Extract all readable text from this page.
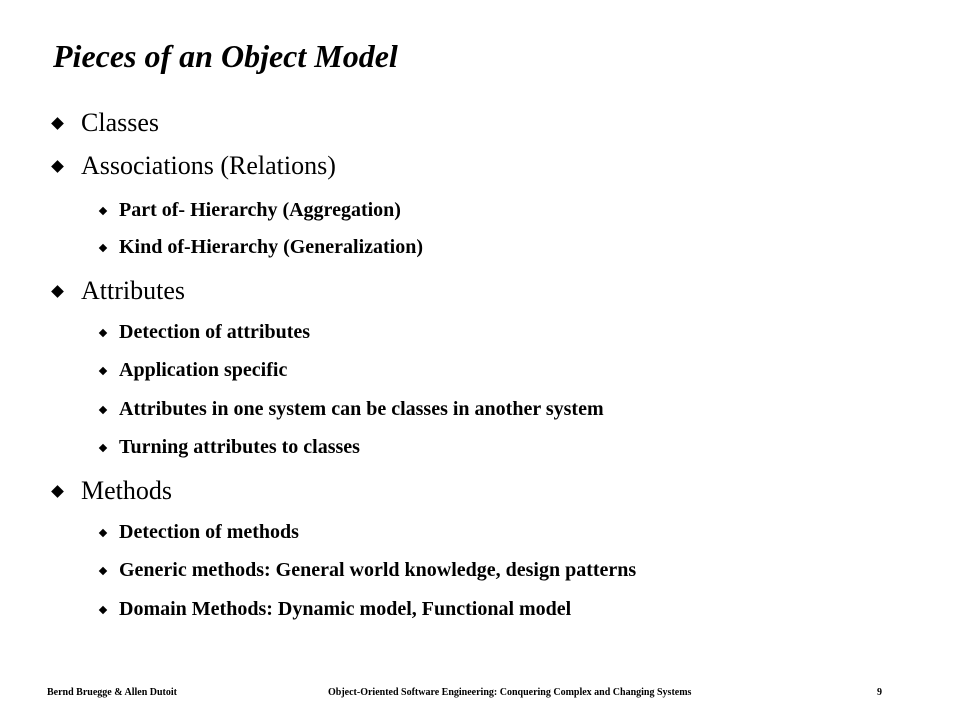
Pieces of an Object Model
Classes
Associations (Relations)
Part of- Hierarchy (Aggregation)
Kind of-Hierarchy (Generalization)
Attributes
Detection of attributes
Application specific
Attributes in one system can be classes in another system
Turning attributes to classes
Methods
Detection of methods
Generic methods: General world knowledge, design patterns
Domain Methods: Dynamic model, Functional model
Bernd Bruegge & Allen Dutoit	Object-Oriented Software Engineering: Conquering Complex and Changing Systems	9
